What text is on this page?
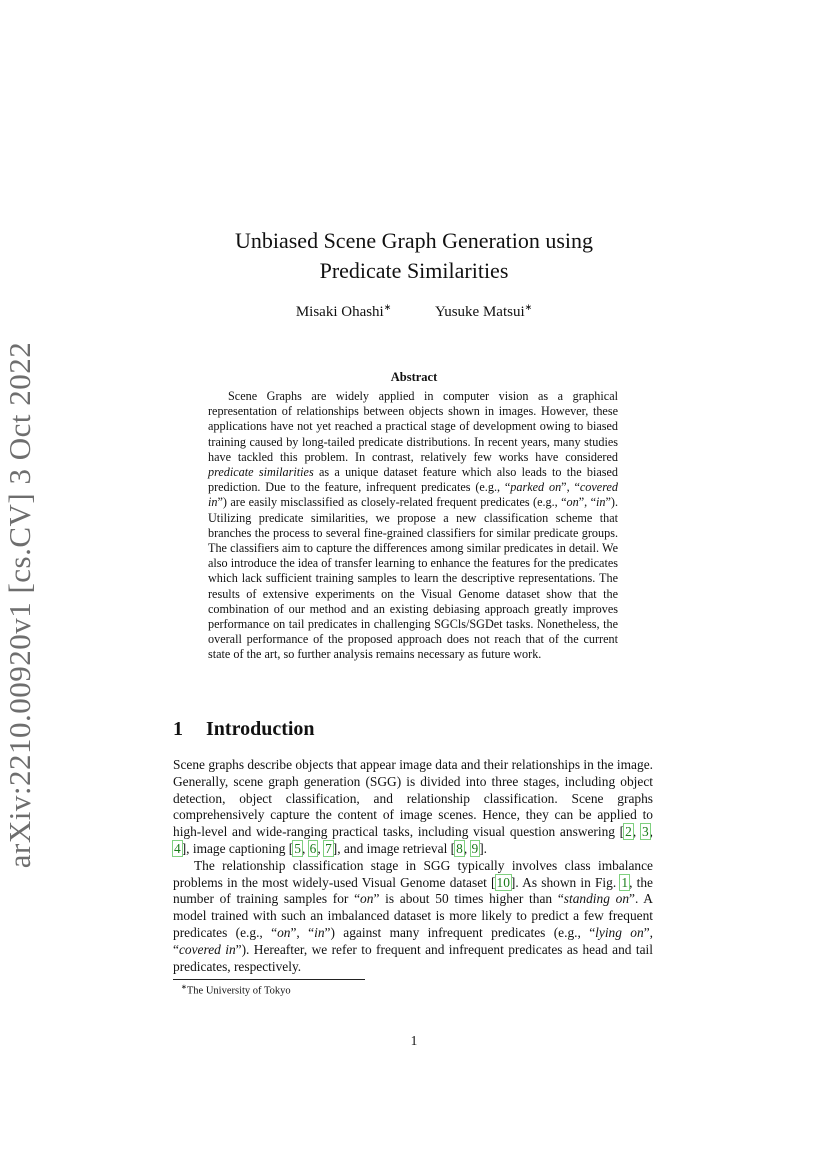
arXiv:2210.00920v1 [cs.CV] 3 Oct 2022
Unbiased Scene Graph Generation using
Predicate Similarities
Misaki Ohashi∗	Yusuke Matsui∗
Abstract

Scene Graphs are widely applied in computer vision as a graphical representation of relationships between objects shown in images. However, these applications have not yet reached a practical stage of development owing to biased training caused by long-tailed predicate distributions. In recent years, many studies have tackled this problem. In contrast, relatively few works have considered predicate similarities as a unique dataset feature which also leads to the biased prediction. Due to the feature, infrequent predicates (e.g., “parked on”, “covered in”) are easily misclassified as closely-related frequent predicates (e.g., “on”, “in”). Utilizing predicate similarities, we propose a new classification scheme that branches the process to several fine-grained classifiers for similar predicate groups. The classifiers aim to capture the differences among similar predicates in detail. We also introduce the idea of transfer learning to enhance the features for the predicates which lack sufficient training samples to learn the descriptive representations. The results of extensive experiments on the Visual Genome dataset show that the combination of our method and an existing debiasing approach greatly improves performance on tail predicates in challenging SGCls/SGDet tasks. Nonetheless, the overall performance of the proposed approach does not reach that of the current state of the art, so further analysis remains necessary as future work.

1 Introduction

Scene graphs describe objects that appear image data and their relationships in the image. Generally, scene graph generation (SGG) is divided into three stages, including object detection, object classification, and relationship classification. Scene graphs comprehensively capture the content of image scenes. Hence, they can be applied to high-level and wide-ranging practical tasks, including visual question answering [2, 3, 4], image captioning [5, 6, 7], and image retrieval [8, 9].

The relationship classification stage in SGG typically involves class imbalance problems in the most widely-used Visual Genome dataset [10]. As shown in Fig. 1, the number of training samples for “on” is about 50 times higher than “standing on”. A model trained with such an imbalanced dataset is more likely to predict a few frequent predicates (e.g., “on”, “in”) against many infrequent predicates (e.g., “lying on”, “covered in”). Hereafter, we refer to frequent and infrequent predicates as head and tail predicates, respectively.

∗The University of Tokyo
1
